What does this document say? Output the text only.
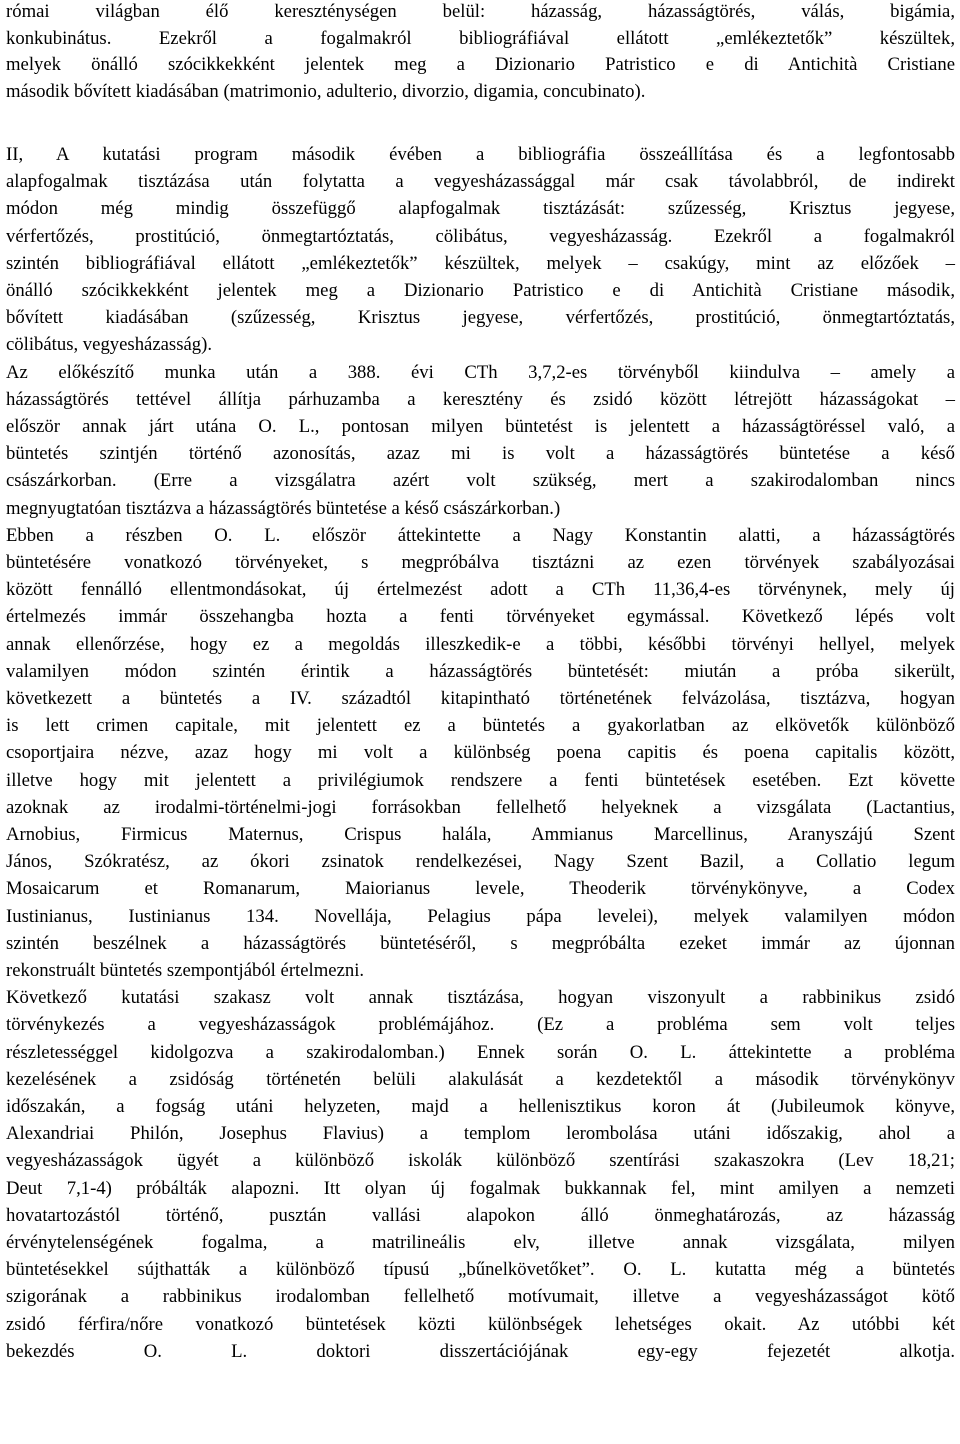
római világban élő kereszténységen belül: házasság, házasságtörés, válás, bigámia,
konkubinátus. Ezekről a fogalmakról bibliográfiával ellátott „emlékeztetők” készültek,
melyek önálló szócikkekként jelentek meg a Dizionario Patristico e di Antichità Cristiane
második bővített kiadásában (matrimonio, adulterio, divorzio, digamia, concubinato).
II, A kutatási program második évében a bibliográfia összeállítása és a legfontosabb
alapfogalmak tisztázása után folytatta a vegyesházassággal már csak távolabbról, de indirekt
módon még mindig összefüggő alapfogalmak tisztázását: szűzesség, Krisztus jegyese,
vérfertőzés, prostitúció, önmegtartóztatás, cölibátus, vegyesházasság. Ezekről a fogalmakról
szintén bibliográfiával ellátott „emlékeztetők” készültek, melyek – csakúgy, mint az előzőek –
önálló szócikkekként jelentek meg a Dizionario Patristico e di Antichità Cristiane második,
bővített kiadásában (szűzesség, Krisztus jegyese, vérfertőzés, prostitúció, önmegtartóztatás,
cölibátus, vegyesházasság).
Az előkészítő munka után a 388. évi CTh 3,7,2-es törvényből kiindulva – amely a
házasságtörés tettével állítja párhuzamba a keresztény és zsidó között létrejött házasságokat –
először annak járt utána O. L., pontosan milyen büntetést is jelentett a házasságtöréssel való, a
büntetés szintjén történő azonosítás, azaz mi is volt a házasságtörés büntetése a késő
császárkorban. (Erre a vizsgálatra azért volt szükség, mert a szakirodalomban nincs
megnyugtatóan tisztázva a házasságtörés büntetése a késő császárkorban.)
Ebben a részben O. L. először áttekintette a Nagy Konstantin alatti, a házasságtörés
büntetésére vonatkozó törvényeket, s megpróbálva tisztázni az ezen törvények szabályozásai
között fennálló ellentmondásokat, új értelmezést adott a CTh 11,36,4-es törvénynek, mely új
értelmezés immár összehangba hozta a fenti törvényeket egymással. Következő lépés volt
annak ellenőrzése, hogy ez a megoldás illeszkedik-e a többi, későbbi törvényi hellyel, melyek
valamilyen módon szintén érintik a házasságtörés büntetését: miután a próba sikerült,
következett a büntetés a IV. századtól kitapintható történetének felvázolása, tisztázva, hogyan
is lett crimen capitale, mit jelentett ez a büntetés a gyakorlatban az elkövetők különböző
csoportjaira nézve, azaz hogy mi volt a különbség poena capitis és poena capitalis között,
illetve hogy mit jelentett a privilégiumok rendszere a fenti büntetések esetében. Ezt követte
azoknak az irodalmi-történelmi-jogi forrásokban fellelhető helyeknek a vizsgálata (Lactantius,
Arnobius, Firmicus Maternus, Crispus halála, Ammianus Marcellinus, Aranyszájú Szent
János, Szókratész, az ókori zsinatok rendelkezései, Nagy Szent Bazil, a Collatio legum
Mosaicarum et Romanarum, Maiorianus levele, Theoderik törvénykönyve, a Codex
Iustinianus, Iustinianus 134. Novellája, Pelagius pápa levelei), melyek valamilyen módon
szintén beszélnek a házasságtörés büntetéséről, s megpróbálta ezeket immár az újonnan
rekonstruált büntetés szempontjából értelmezni.
Következő kutatási szakasz volt annak tisztázása, hogyan viszonyult a rabbinikus zsidó
törvénykezés a vegyesházasságok problémájához. (Ez a probléma sem volt teljes
részletességgel kidolgozva a szakirodalomban.) Ennek során O. L. áttekintette a probléma
kezelésének a zsidóság történetén belüli alakulását a kezdetektől a második törvénykönyv
időszakán, a fogság utáni helyzeten, majd a hellenisztikus koron át (Jubileumok könyve,
Alexandriai Philón, Josephus Flavius) a templom lerombolása utáni időszakig, ahol a
vegyesházasságok ügyét a különböző iskolák különböző szentírási szakaszokra (Lev 18,21;
Deut 7,1-4) próbálták alapozni. Itt olyan új fogalmak bukkannak fel, mint amilyen a nemzeti
hovatartozástól történő, pusztán vallási alapokon álló önmeghatározás, az házasság
érvénytelenségének fogalma, a matrilineális elv, illetve annak vizsgálata, milyen
büntetésekkel sújthatták a különböző típusú „bűnelkövetőket”. O. L. kutatta még a büntetés
szigorának a rabbinikus irodalomban fellelhető motívumait, illetve a vegyesházasságot kötő
zsidó férfira/nőre vonatkozó büntetések közti különbségek lehetséges okait. Az utóbbi két
bekezdés O. L. doktori disszertációjának egy-egy fejezetét alkotja.
